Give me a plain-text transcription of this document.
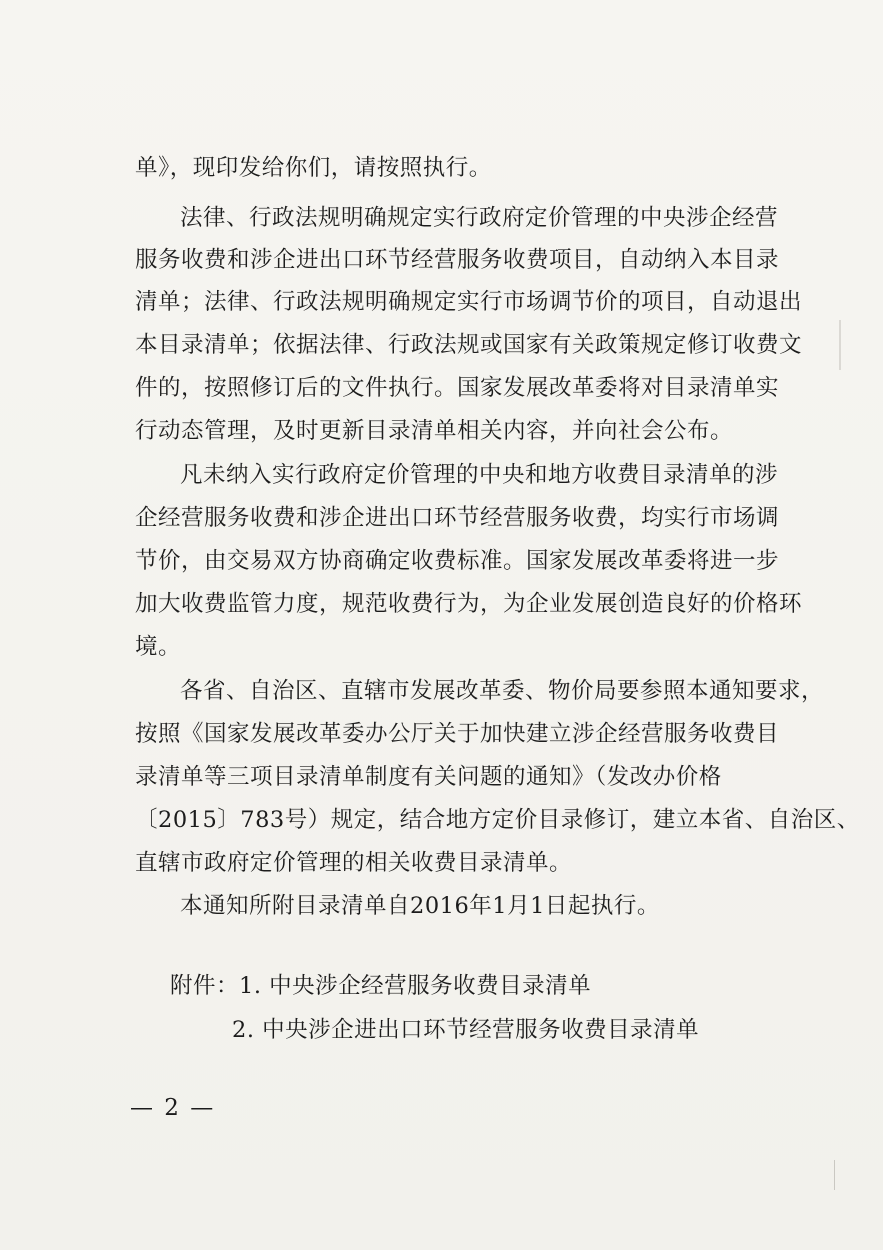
单》，现印发给你们，请按照执行。
法律、行政法规明确规定实行政府定价管理的中央涉企经营
服务收费和涉企进出口环节经营服务收费项目，自动纳入本目录
清单；法律、行政法规明确规定实行市场调节价的项目，自动退出
本目录清单；依据法律、行政法规或国家有关政策规定修订收费文
件的，按照修订后的文件执行。国家发展改革委将对目录清单实
行动态管理，及时更新目录清单相关内容，并向社会公布。
凡未纳入实行政府定价管理的中央和地方收费目录清单的涉
企经营服务收费和涉企进出口环节经营服务收费，均实行市场调
节价，由交易双方协商确定收费标准。国家发展改革委将进一步
加大收费监管力度，规范收费行为，为企业发展创造良好的价格环
境。
各省、自治区、直辖市发展改革委、物价局要参照本通知要求，
按照《国家发展改革委办公厅关于加快建立涉企经营服务收费目
录清单等三项目录清单制度有关问题的通知》（发改办价格
〔2015〕783号）规定，结合地方定价目录修订，建立本省、自治区、
直辖市政府定价管理的相关收费目录清单。
本通知所附目录清单自2016年1月1日起执行。
附件：1. 中央涉企经营服务收费目录清单
2. 中央涉企进出口环节经营服务收费目录清单
— 2 —
